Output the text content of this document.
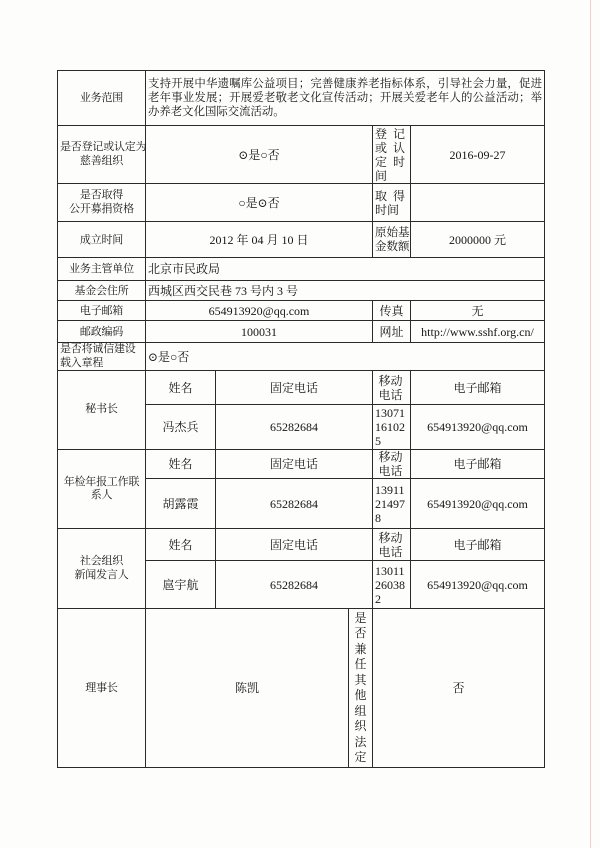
业务范围	支持开展中华遗嘱库公益项目；完善健康养老指标体系，引导社会力量，促进老年事业发展；开展爱老敬老文化宣传活动；开展关爱老年人的公益活动；举办养老文化国际交流活动。				

是否登记或认定为
慈善组织	⊙是○否			登记或认定时间	2016-09-27

是否取得
公开募捐资格	○是⊙否			取得时间	

成立时间	2012 年 04 月 10 日			原始基金数额	2000000 元
业务主管单位	北京市民政局				
基金会住所	西城区西交民巷 73 号内 3 号				
电子邮箱	654913920@qq.com			传真	无
邮政编码	100031			网址	http://www.sshf.org.cn/

是否将诚信建设
载入章程	⊙是○否				

秘书长	姓名	固定电话		移动电话	电子邮箱
	冯杰兵	65282684		13071161025	654913920@qq.com

年检年报工作联
系人	姓名	固定电话		移动电话	电子邮箱
	胡露霞	65282684		13911214978	654913920@qq.com

社会组织
新闻发言人	姓名	固定电话		移动电话	电子邮箱
	扈宇航	65282684		13011260382	654913920@qq.com
理事长	陈凯		是否兼任其他组织法定	否	
